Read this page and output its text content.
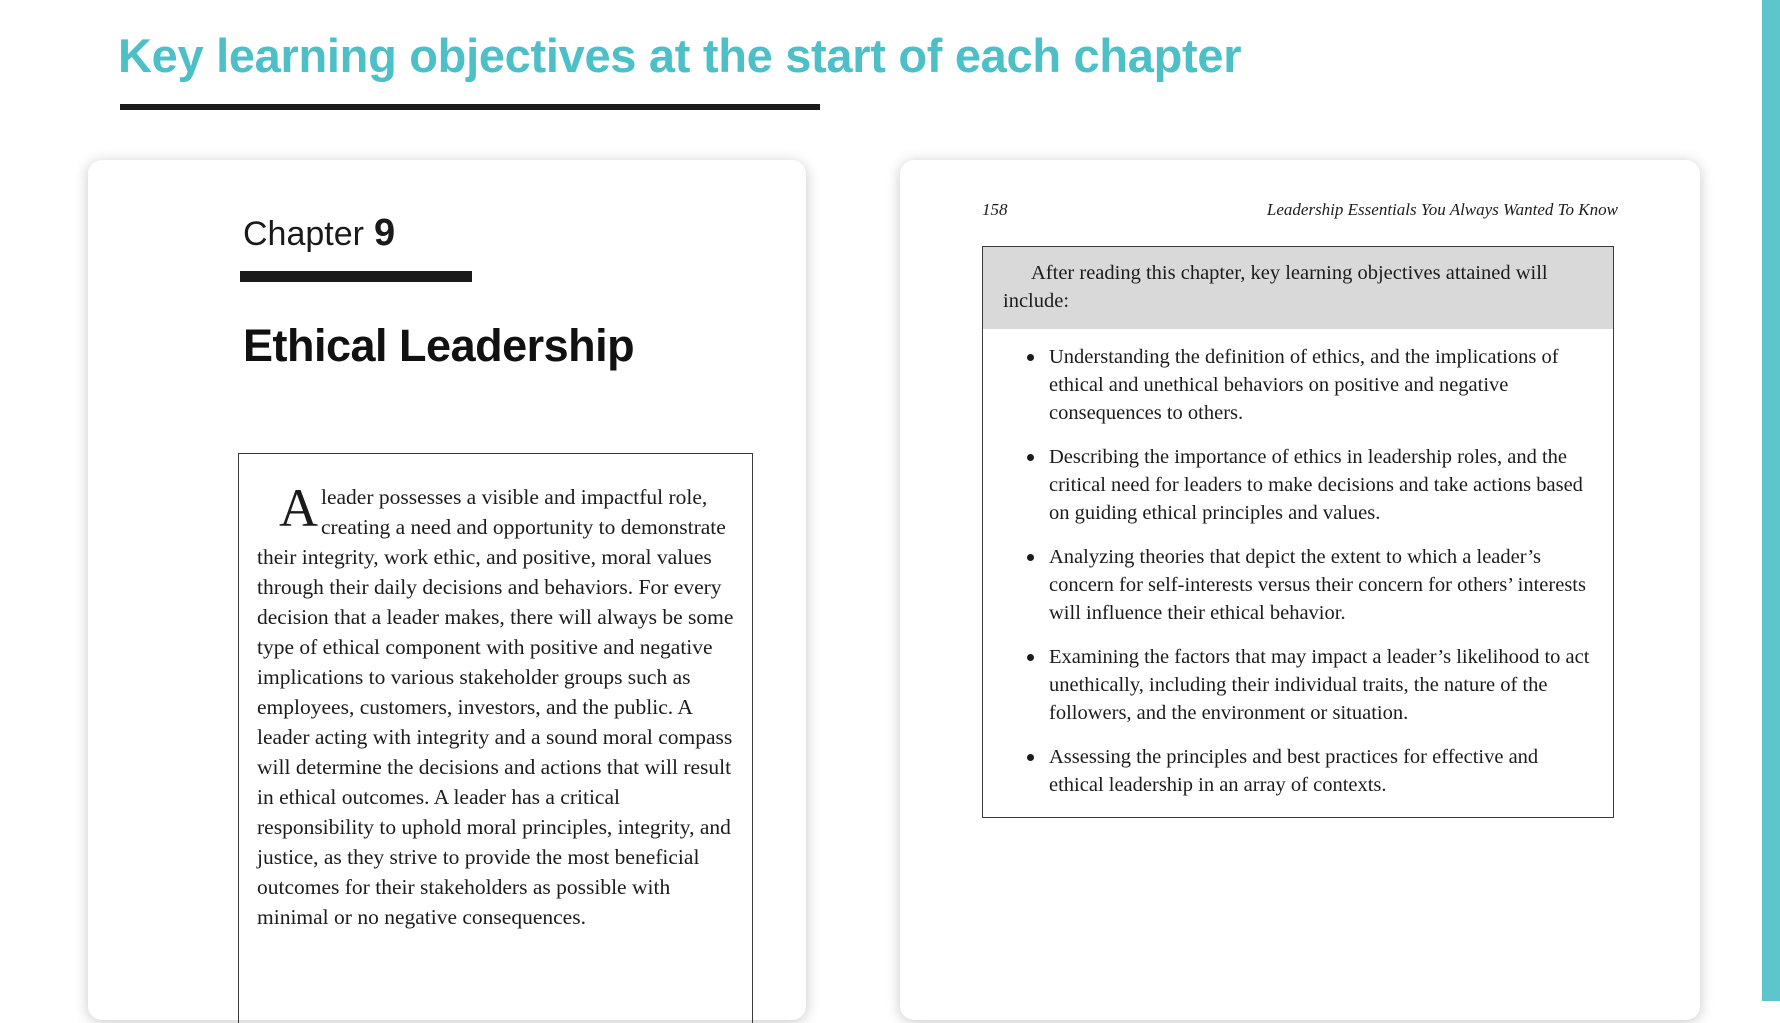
Key learning objectives at the start of each chapter
Chapter 9
Ethical Leadership
A leader possesses a visible and impactful role, creating a need and opportunity to demonstrate their integrity, work ethic, and positive, moral values through their daily decisions and behaviors. For every decision that a leader makes, there will always be some type of ethical component with positive and negative implications to various stakeholder groups such as employees, customers, investors, and the public. A leader acting with integrity and a sound moral compass will determine the decisions and actions that will result in ethical outcomes. A leader has a critical responsibility to uphold moral principles, integrity, and justice, as they strive to provide the most beneficial outcomes for their stakeholders as possible with minimal or no negative consequences.
158	Leadership Essentials You Always Wanted To Know
After reading this chapter, key learning objectives attained will include:
Understanding the definition of ethics, and the implications of ethical and unethical behaviors on positive and negative consequences to others.
Describing the importance of ethics in leadership roles, and the critical need for leaders to make decisions and take actions based on guiding ethical principles and values.
Analyzing theories that depict the extent to which a leader’s concern for self-interests versus their concern for others’ interests will influence their ethical behavior.
Examining the factors that may impact a leader’s likelihood to act unethically, including their individual traits, the nature of the followers, and the environment or situation.
Assessing the principles and best practices for effective and ethical leadership in an array of contexts.
